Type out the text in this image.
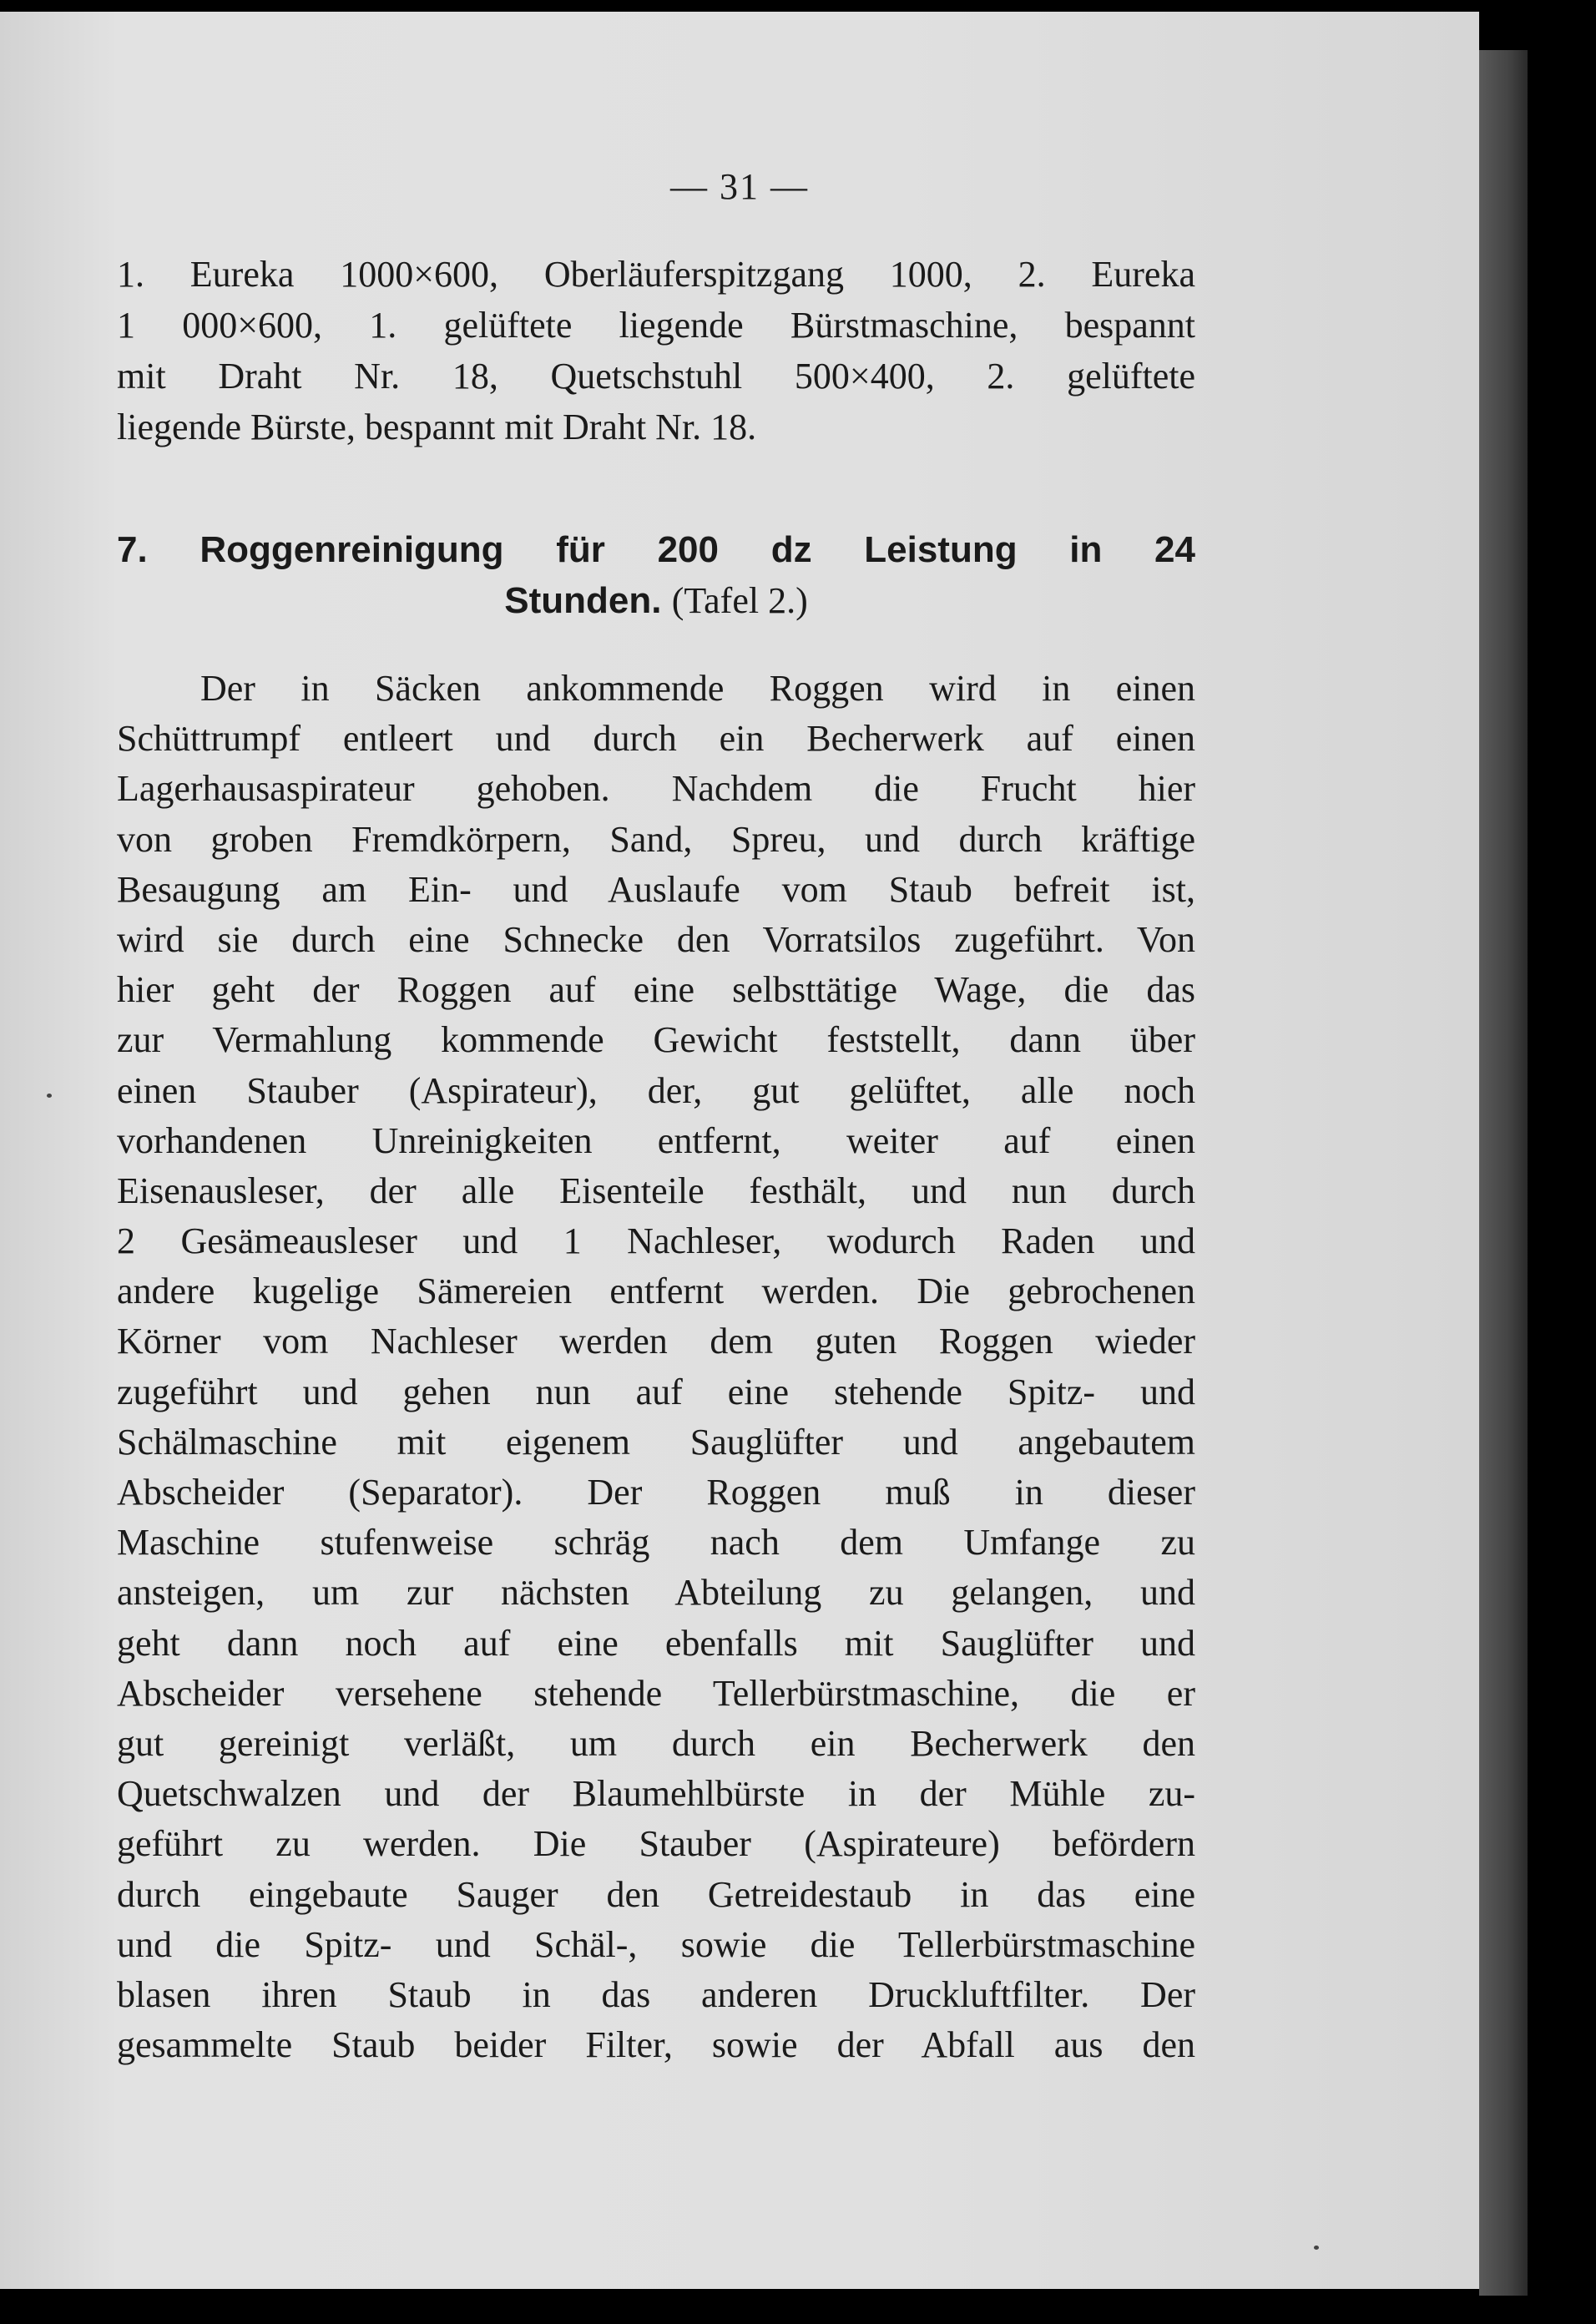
— 31 —
1. Eureka 1000×600, Oberläuferspitzgang 1000, 2. Eureka
1 000×600, 1. gelüftete liegende Bürstmaschine, bespannt
mit Draht Nr. 18, Quetschstuhl 500×400, 2. gelüftete
liegende Bürste, bespannt mit Draht Nr. 18.
7. Roggenreinigung für 200 dz Leistung in 24
Stunden. (Tafel 2.)
Der in Säcken ankommende Roggen wird in einen
Schüttrumpf entleert und durch ein Becherwerk auf einen
Lagerhausaspirateur gehoben. Nachdem die Frucht hier
von groben Fremdkörpern, Sand, Spreu, und durch kräftige
Besaugung am Ein- und Auslaufe vom Staub befreit ist,
wird sie durch eine Schnecke den Vorratsilos zugeführt. Von
hier geht der Roggen auf eine selbsttätige Wage, die das
zur Vermahlung kommende Gewicht feststellt, dann über
einen Stauber (Aspirateur), der, gut gelüftet, alle noch
vorhandenen Unreinigkeiten entfernt, weiter auf einen
Eisenausleser, der alle Eisenteile festhält, und nun durch
2 Gesämeausleser und 1 Nachleser, wodurch Raden und
andere kugelige Sämereien entfernt werden. Die gebrochenen
Körner vom Nachleser werden dem guten Roggen wieder
zugeführt und gehen nun auf eine stehende Spitz- und
Schälmaschine mit eigenem Sauglüfter und angebautem
Abscheider (Separator). Der Roggen muß in dieser
Maschine stufenweise schräg nach dem Umfange zu
ansteigen, um zur nächsten Abteilung zu gelangen, und
geht dann noch auf eine ebenfalls mit Sauglüfter und
Abscheider versehene stehende Tellerbürstmaschine, die er
gut gereinigt verläßt, um durch ein Becherwerk den
Quetschwalzen und der Blaumehlbürste in der Mühle zu-
geführt zu werden. Die Stauber (Aspirateure) befördern
durch eingebaute Sauger den Getreidestaub in das eine
und die Spitz- und Schäl-, sowie die Tellerbürstmaschine
blasen ihren Staub in das anderen Druckluftfilter. Der
gesammelte Staub beider Filter, sowie der Abfall aus den
